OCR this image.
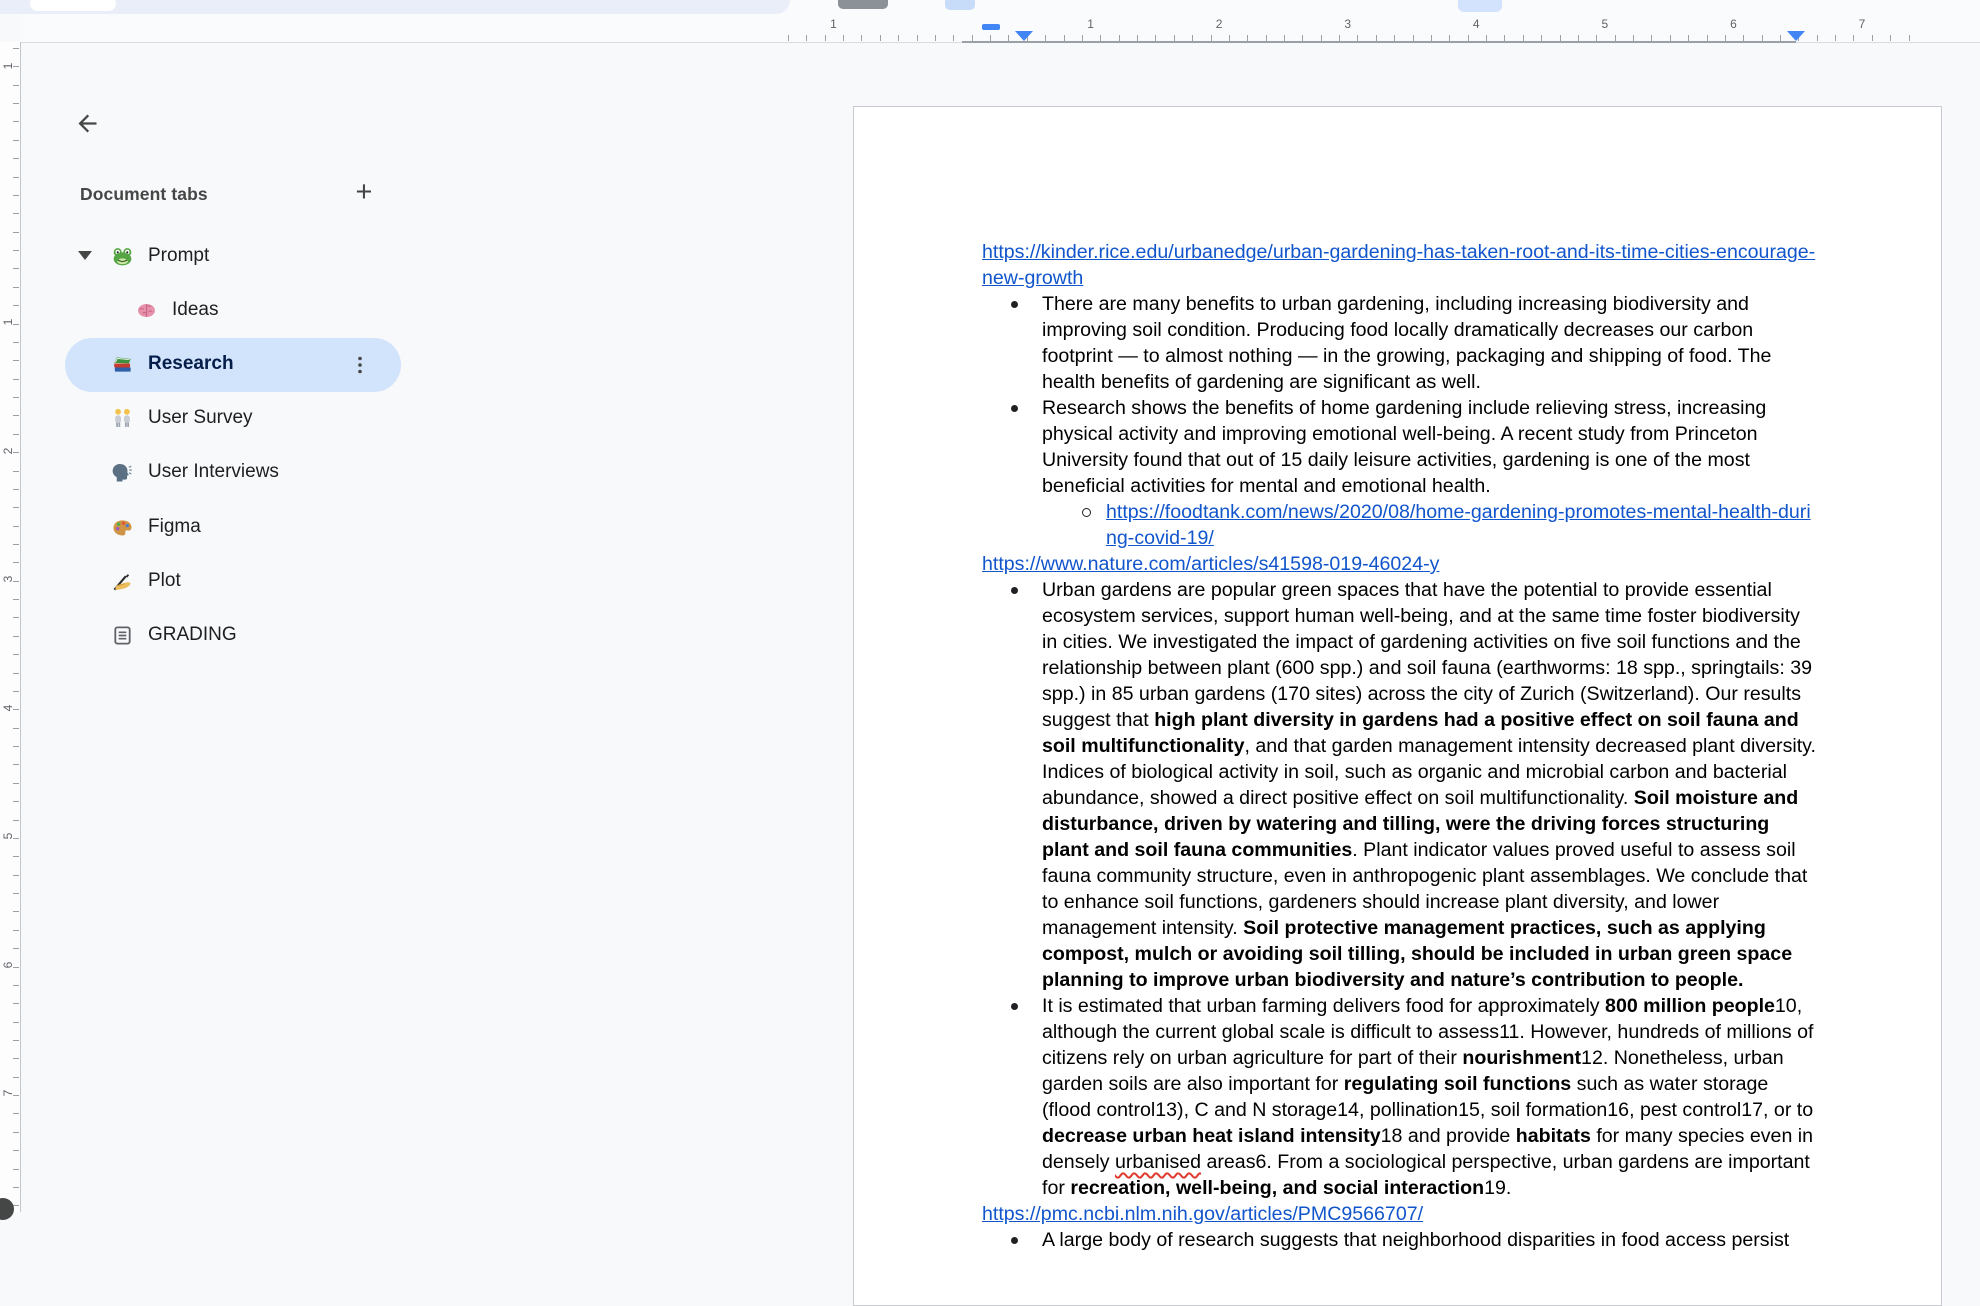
1	1	2	3	4	5	6	7
1
1
2
3
4
5
6
7
Document tabs	+
Prompt
Ideas
Research
User Survey
User Interviews
Figma
Plot
GRADING
https://kinder.rice.edu/urbanedge/urban-gardening-has-taken-root-and-its-time-cities-encourage-new-growth
There are many benefits to urban gardening, including increasing biodiversity and improving soil condition. Producing food locally dramatically decreases our carbon footprint — to almost nothing — in the growing, packaging and shipping of food. The health benefits of gardening are significant as well.
Research shows the benefits of home gardening include relieving stress, increasing physical activity and improving emotional well-being. A recent study from Princeton University found that out of 15 daily leisure activities, gardening is one of the most beneficial activities for mental and emotional health.
https://foodtank.com/news/2020/08/home-gardening-promotes-mental-health-during-covid-19/
https://www.nature.com/articles/s41598-019-46024-y
Urban gardens are popular green spaces that have the potential to provide essential ecosystem services, support human well-being, and at the same time foster biodiversity in cities. We investigated the impact of gardening activities on five soil functions and the relationship between plant (600 spp.) and soil fauna (earthworms: 18 spp., springtails: 39 spp.) in 85 urban gardens (170 sites) across the city of Zurich (Switzerland). Our results suggest that high plant diversity in gardens had a positive effect on soil fauna and soil multifunctionality, and that garden management intensity decreased plant diversity. Indices of biological activity in soil, such as organic and microbial carbon and bacterial abundance, showed a direct positive effect on soil multifunctionality. Soil moisture and disturbance, driven by watering and tilling, were the driving forces structuring plant and soil fauna communities. Plant indicator values proved useful to assess soil fauna community structure, even in anthropogenic plant assemblages. We conclude that to enhance soil functions, gardeners should increase plant diversity, and lower management intensity. Soil protective management practices, such as applying compost, mulch or avoiding soil tilling, should be included in urban green space planning to improve urban biodiversity and nature’s contribution to people.
It is estimated that urban farming delivers food for approximately 800 million people10, although the current global scale is difficult to assess11. However, hundreds of millions of citizens rely on urban agriculture for part of their nourishment12. Nonetheless, urban garden soils are also important for regulating soil functions such as water storage (flood control13), C and N storage14, pollination15, soil formation16, pest control17, or to decrease urban heat island intensity18 and provide habitats for many species even in densely urbanised areas6. From a sociological perspective, urban gardens are important for recreation, well-being, and social interaction19.
https://pmc.ncbi.nlm.nih.gov/articles/PMC9566707/
A large body of research suggests that neighborhood disparities in food access persist
